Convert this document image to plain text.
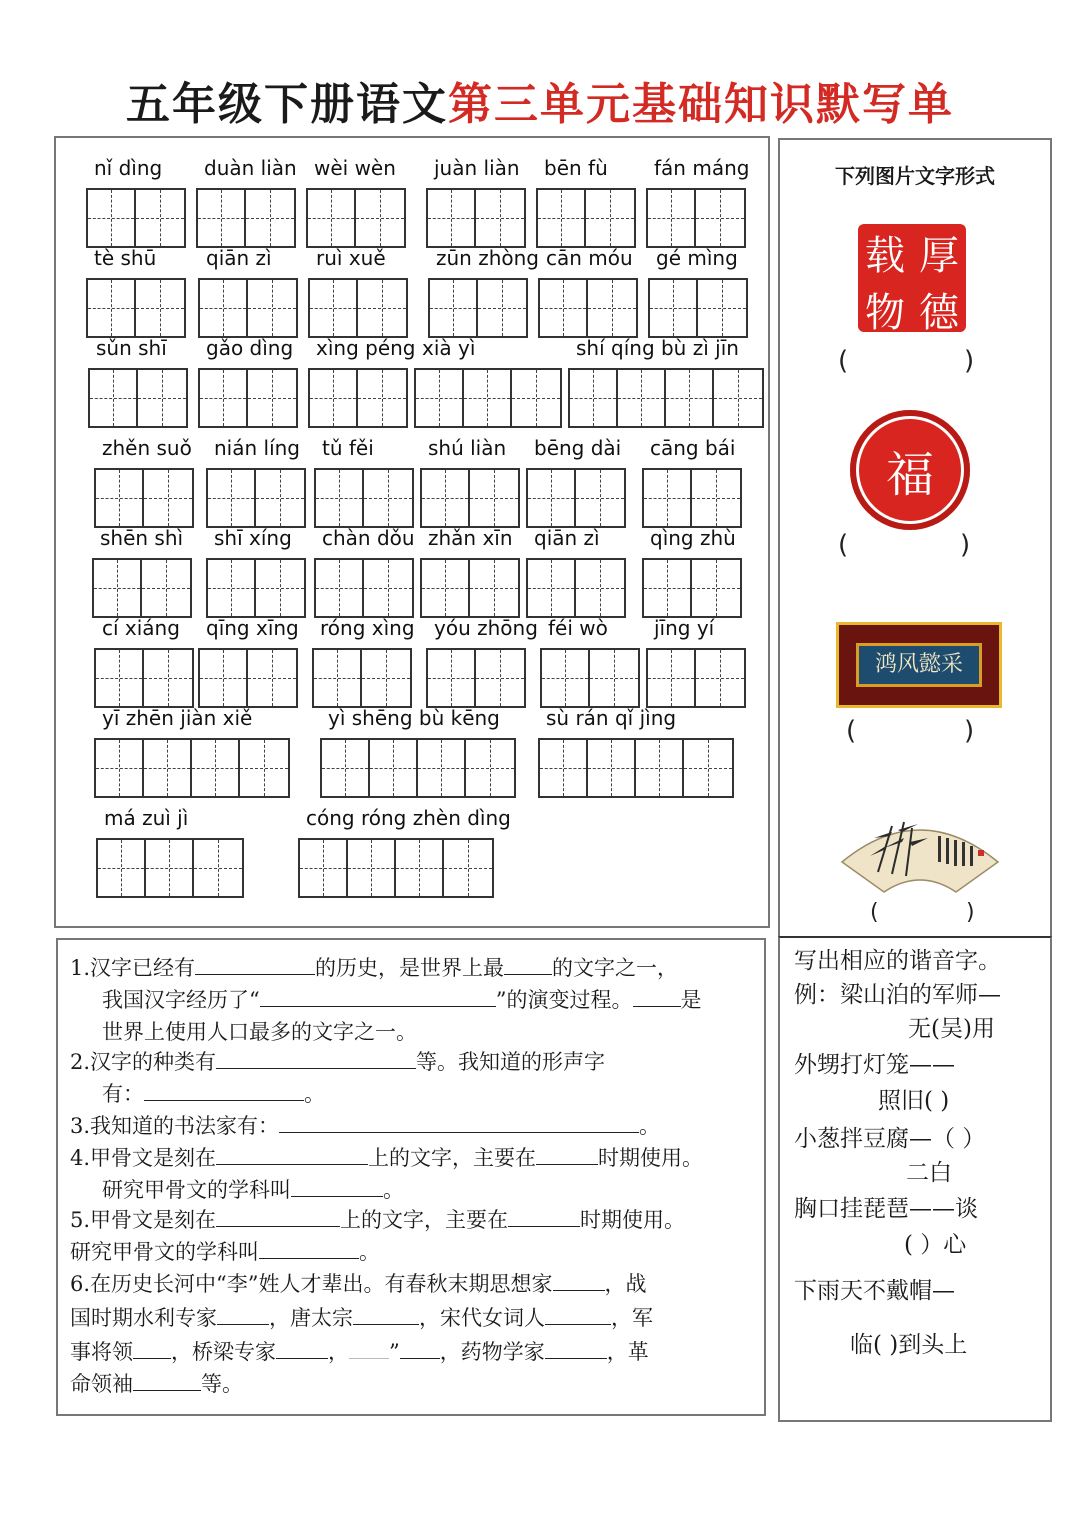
五年级下册语文第三单元基础知识默写单
nǐ dìng	duàn liàn wèi wèn	juàn liàn	bēn fù	fán máng
tè shū	qiān zì	ruì xuě	zūn zhòng cān móu gé mìng
sǔn shī	gǎo dìng xìng péng xià yì	shí qíng bù zì jīn
zhěn suǒ nián líng tǔ fěi	shú liàn	bēng dài cāng bái
shēn shì	shī xíng	chàn dǒu zhǎn xīn	qiān zì	qìng zhù
cí xiáng	qīng xīng róng xìng yóu zhōng féi wò	jīng yí
yī zhēn jiàn xiě	yì shēng bù kēng	sù rán qǐ jìng
má zuì jì	cóng róng zhèn dìng
下列图片文字形式
载 厚
物 德
(	)
福
(	)
鸿风懿采
(	)
(	)
1.汉字已经有	的历史，是世界上最 的文字之一，
我国汉字经历了“	”的演变过程。 是
世界上使用人口最多的文字之一。
2.汉字的种类有	等。我知道的形声字
有：	。
3.我知道的书法家有：	。
4.甲骨文是刻在	上的文字，主要在	时期使用。
研究甲骨文的学科叫	。
5.甲骨文是刻在	上的文字，主要在	时期使用。
研究甲骨文的学科叫	。
6.在历史长河中“李”姓人才辈出。有春秋末期思想家 ，战
国时期水利专家 ，唐太宗	，宋代女词人	，军
事将领 ，桥梁专家 ， ” ，药物学家	，革
命领袖	等。
写出相应的谐音字。
例：梁山泊的军师—
无(吴)用
外甥打灯笼——
照旧( )
小葱拌豆腐—（ ）
二白
胸口挂琵琶——谈
( ）心
下雨天不戴帽—
临( )到头上
